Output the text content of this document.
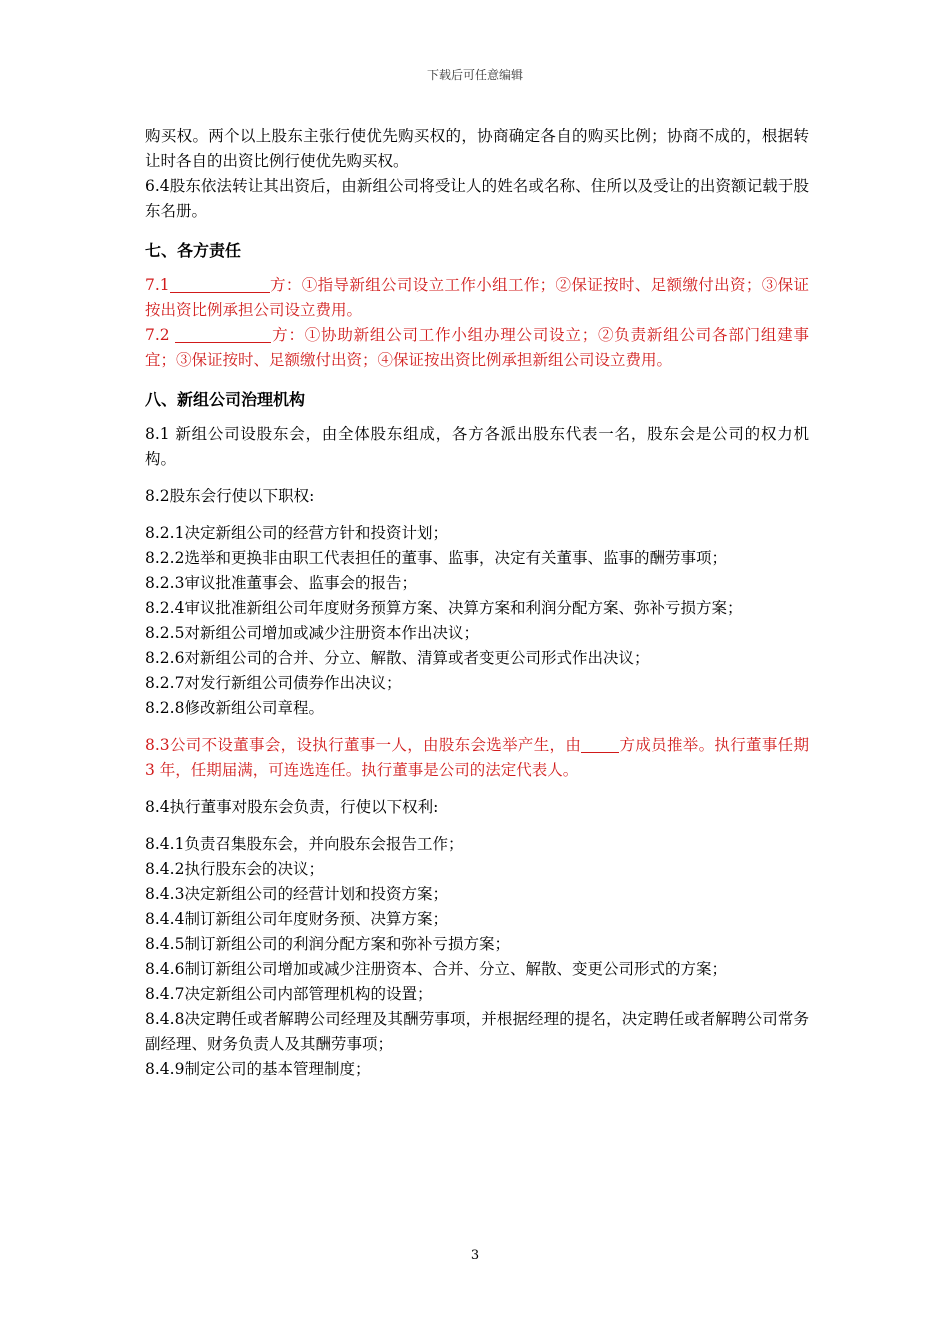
下载后可任意编辑

购买权。两个以上股东主张行使优先购买权的，协商确定各自的购买比例；协商不成的，根据转让时各自的出资比例行使优先购买权。

6.4股东依法转让其出资后，由新组公司将受让人的姓名或名称、住所以及受让的出资额记载于股东名册。

七、各方责任

7.1	方：①指导新组公司设立工作小组工作；②保证按时、足额缴付出资；③保证按出资比例承担公司设立费用。

7.2	方：①协助新组公司工作小组办理公司设立；②负责新组公司各部门组建事宜；③保证按时、足额缴付出资；④保证按出资比例承担新组公司设立费用。

八、新组公司治理机构

8.1 新组公司设股东会，由全体股东组成，各方各派出股东代表一名，股东会是公司的权力机构。

8.2股东会行使以下职权:

8.2.1决定新组公司的经营方针和投资计划；

8.2.2选举和更换非由职工代表担任的董事、监事，决定有关董事、监事的酬劳事项；

8.2.3审议批准董事会、监事会的报告；

8.2.4审议批准新组公司年度财务预算方案、决算方案和利润分配方案、弥补亏损方案；

8.2.5对新组公司增加或减少注册资本作出决议；

8.2.6对新组公司的合并、分立、解散、清算或者变更公司形式作出决议；

8.2.7对发行新组公司债券作出决议；

8.2.8修改新组公司章程。

8.3公司不设董事会，设执行董事一人，由股东会选举产生，由 方成员推举。执行董事任期 3 年，任期届满，可连选连任。执行董事是公司的法定代表人。

8.4执行董事对股东会负责，行使以下权利:

8.4.1负责召集股东会，并向股东会报告工作；

8.4.2执行股东会的决议；

8.4.3决定新组公司的经营计划和投资方案；

8.4.4制订新组公司年度财务预、决算方案；

8.4.5制订新组公司的利润分配方案和弥补亏损方案；

8.4.6制订新组公司增加或减少注册资本、合并、分立、解散、变更公司形式的方案；

8.4.7决定新组公司内部管理机构的设置；

8.4.8决定聘任或者解聘公司经理及其酬劳事项，并根据经理的提名，决定聘任或者解聘公司常务副经理、财务负责人及其酬劳事项；

8.4.9制定公司的基本管理制度；

3
